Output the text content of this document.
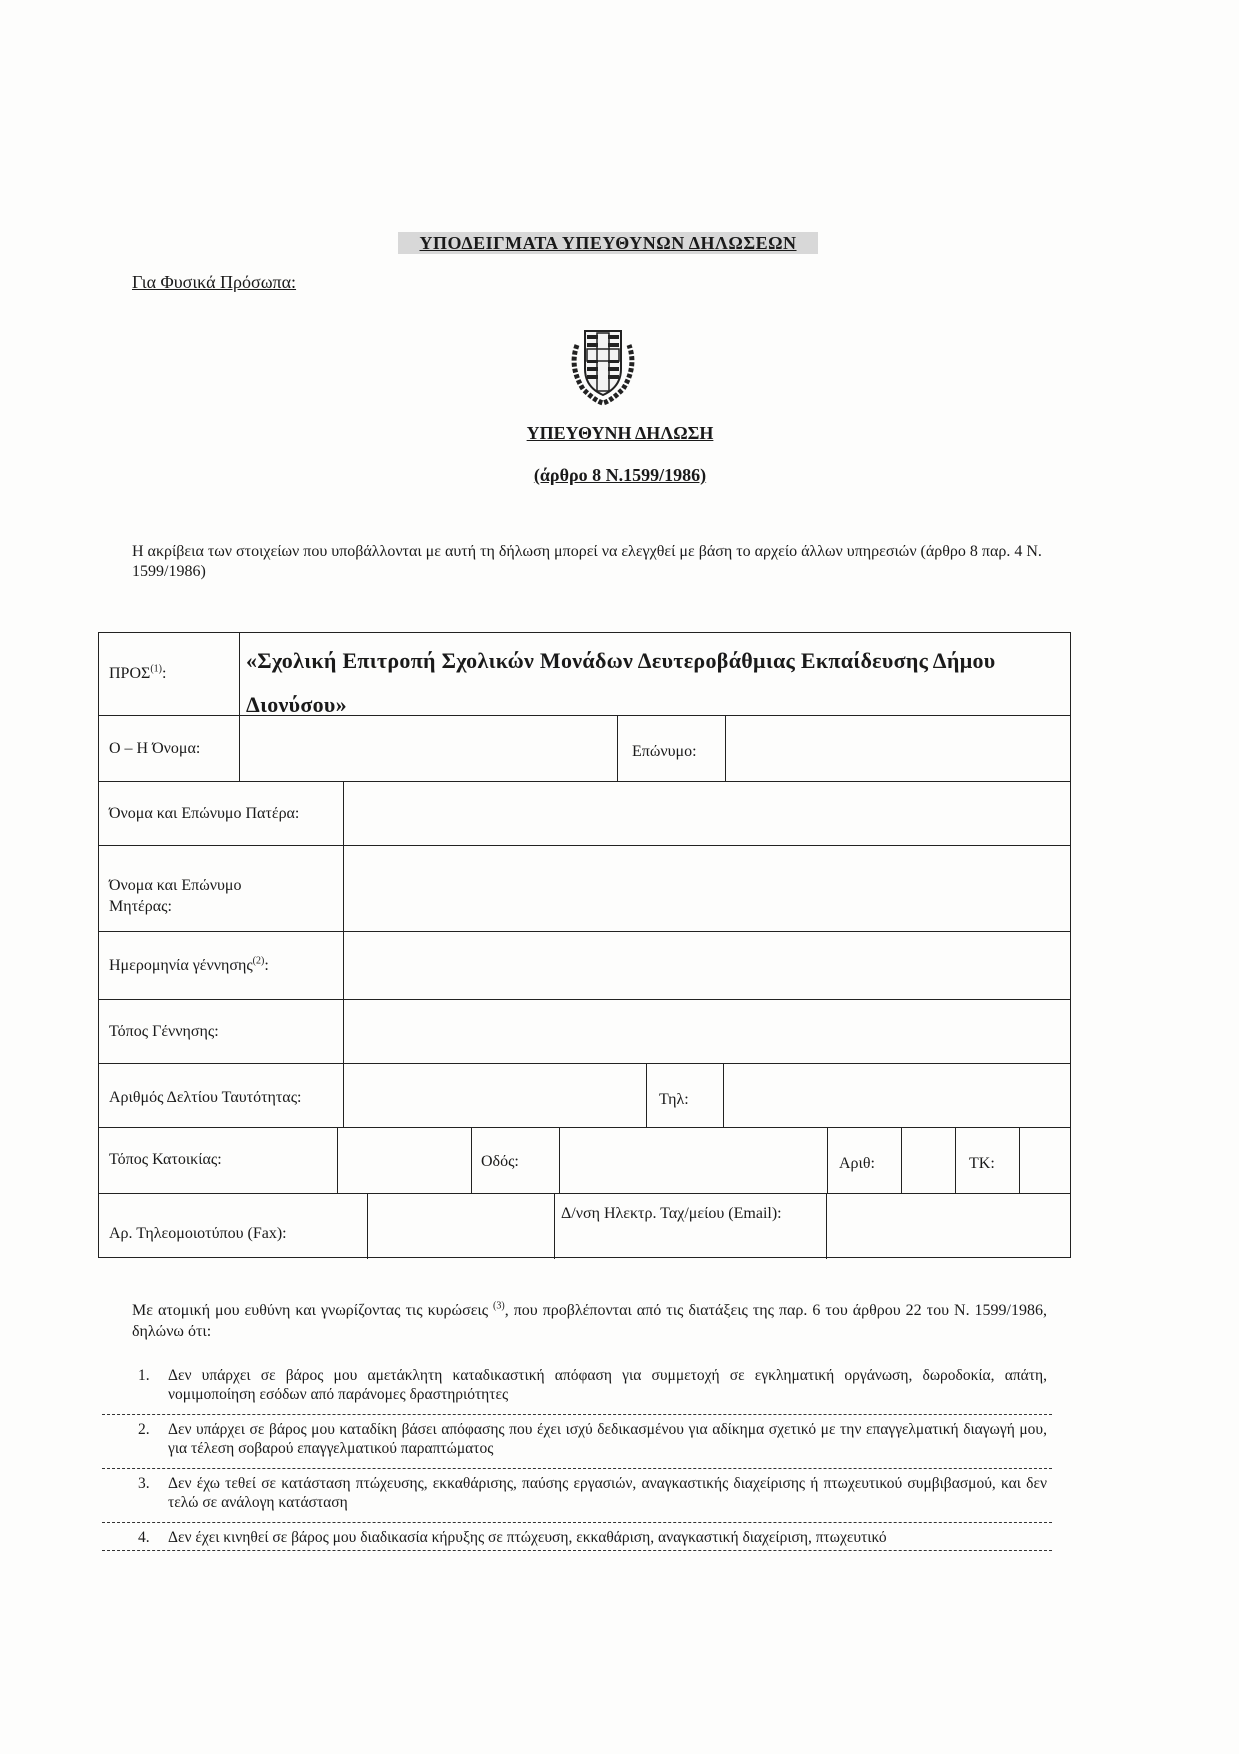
ΥΠΟΔΕΙΓΜΑΤΑ ΥΠΕΥΘΥΝΩΝ ΔΗΛΩΣΕΩΝ
Για Φυσικά Πρόσωπα:
ΥΠΕΥΘΥΝΗ ΔΗΛΩΣΗ
(άρθρο 8 Ν.1599/1986)
Η ακρίβεια των στοιχείων που υποβάλλονται με αυτή τη δήλωση μπορεί να ελεγχθεί με βάση το αρχείο άλλων υπηρεσιών (άρθρο 8 παρ. 4 Ν. 1599/1986)
ΠΡΟΣ$^{(1)}$:
«Σχολική Επιτροπή Σχολικών Μονάδων Δευτεροβάθμιας Εκπαίδευσης Δήμου Διονύσου»
Ο – Η Όνομα:	Επώνυμο:
Όνομα και Επώνυμο Πατέρα:
Όνομα και Επώνυμο Μητέρας:
Ημερομηνία γέννησης$^{(2)}$:
Τόπος Γέννησης:
Αριθμός Δελτίου Ταυτότητας:	Τηλ:
Τόπος Κατοικίας:	Οδός:	Αριθ:	ΤΚ:
Αρ. Τηλεομοιοτύπου (Fax):
Δ/νση Ηλεκτρ. Ταχ/μείου (Email):
Με ατομική μου ευθύνη και γνωρίζοντας τις κυρώσεις $^{(3)}$, που προβλέπονται από τις διατάξεις της παρ. 6 του άρθρου 22 του Ν. 1599/1986, δηλώνω ότι:
1. Δεν υπάρχει σε βάρος μου αμετάκλητη καταδικαστική απόφαση για συμμετοχή σε εγκληματική οργάνωση, δωροδοκία, απάτη, νομιμοποίηση εσόδων από παράνομες δραστηριότητες
2. Δεν υπάρχει σε βάρος μου καταδίκη βάσει απόφασης που έχει ισχύ δεδικασμένου για αδίκημα σχετικό με την επαγγελματική διαγωγή μου, για τέλεση σοβαρού επαγγελματικού παραπτώματος
3. Δεν έχω τεθεί σε κατάσταση πτώχευσης, εκκαθάρισης, παύσης εργασιών, αναγκαστικής διαχείρισης ή πτωχευτικού συμβιβασμού, και δεν τελώ σε ανάλογη κατάσταση
4. Δεν έχει κινηθεί σε βάρος μου διαδικασία κήρυξης σε πτώχευση, εκκαθάριση, αναγκαστική διαχείριση, πτωχευτικό
